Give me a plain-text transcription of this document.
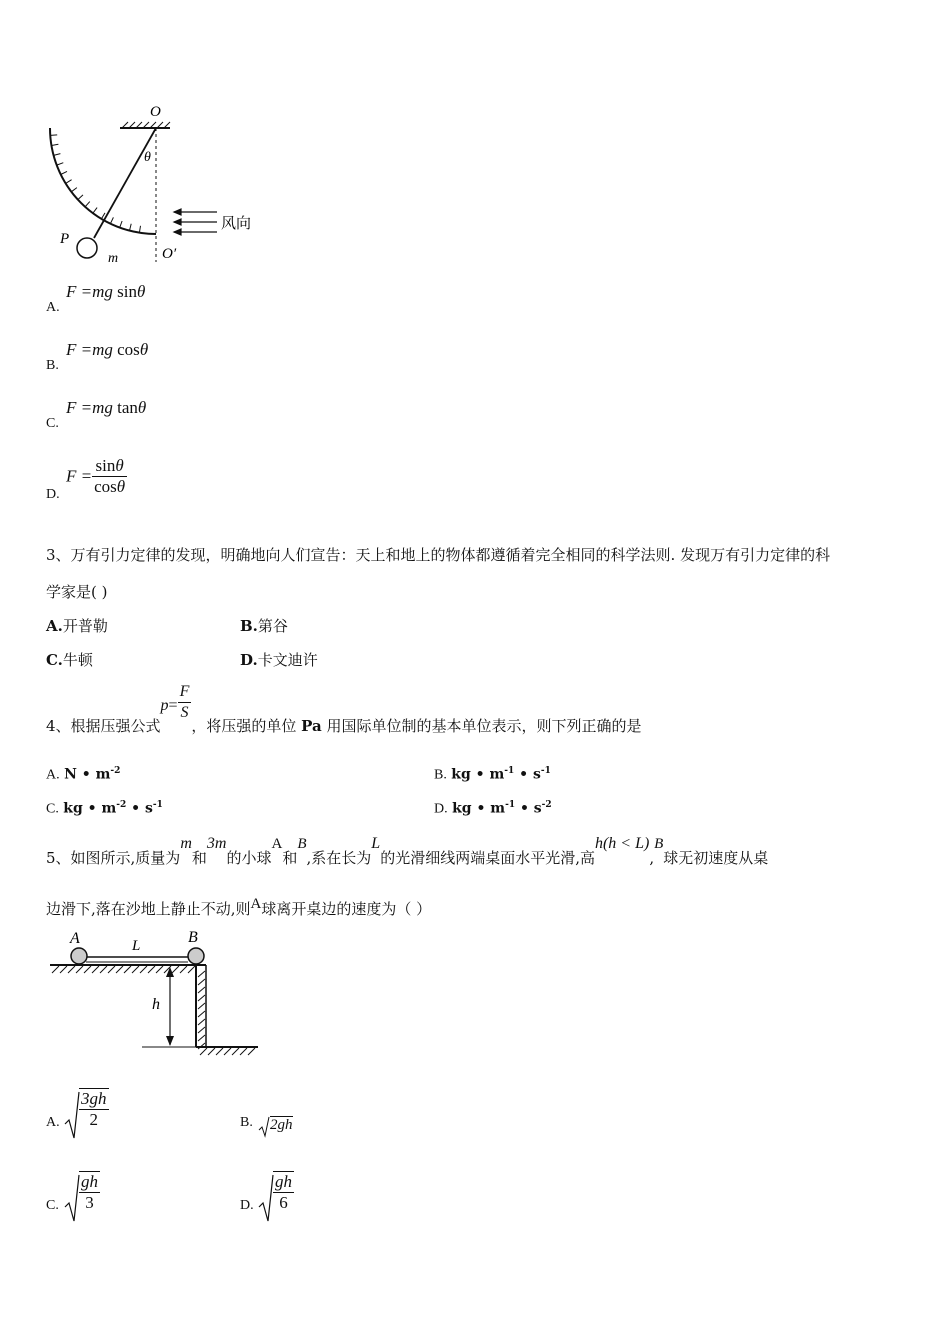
O
θ
P
m	O′
风向
A.
F =mg sinθ
B.
F =mg cosθ
C.
F =mg tanθ
D.
$F = \frac{\sin\theta}{\cos\theta}$
3、万有引力定律的发现，明确地向人们宣告：天上和地上的物体都遵循着完全相同的科学法则. 发现万有引力定律的科
学家是( )
A.开普勒	B.第谷
C.牛顿	D.卡文迪许
4、根据压强公式$p= \frac{F}{S}$
，将压强的单位 Pa 用国际单位制的基本单位表示，则下列正确的是
A. N • $m^{-2}$	B. kg • $m^{-1}$ • $s^{-1}$
C. kg • $m^{-2}$ • $s^{-1}$	D. kg • $m^{-1}$ • $s^{-2}$
5、如图所示,质量为m和3m的小球A和B,系在长为L的光滑细线两端桌面水平光滑,高h(h < L),B球无初速度从桌
边滑下,落在沙地上静止不动,则A球离开桌边的速度为（ ）
A	L	B
h
A. $\frac{3gh}{2}$	B. 2gh
C. $\frac{gh}{3}$	D. $\frac{gh}{6}$
